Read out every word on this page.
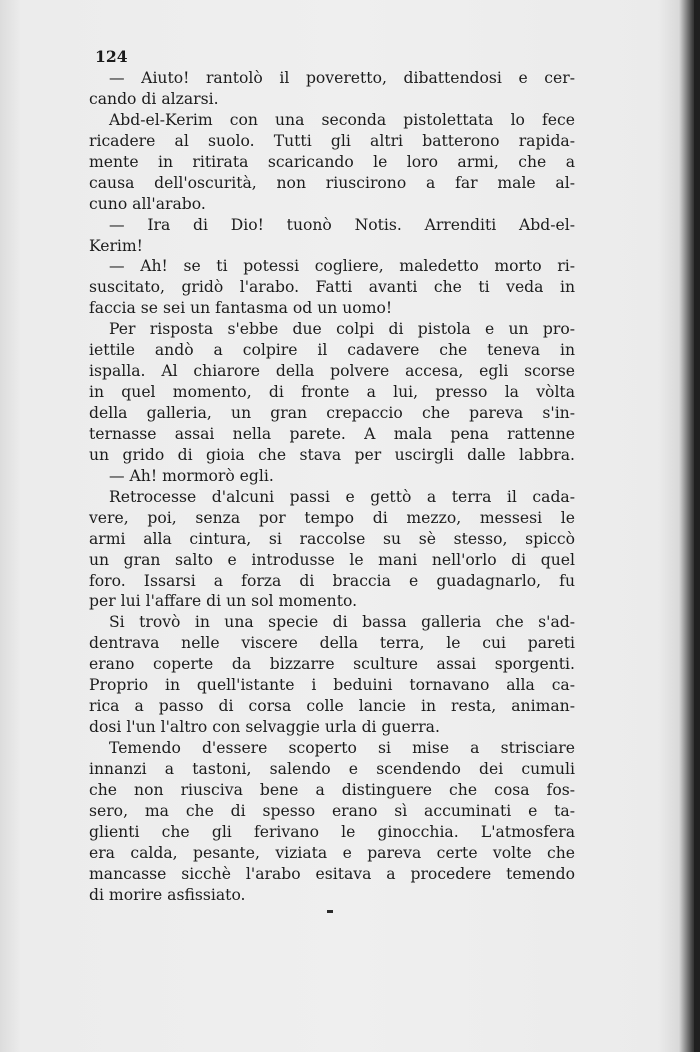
124
— Aiuto! rantolò il poveretto, dibattendosi e cer-
cando di alzarsi.
Abd-el-Kerim con una seconda pistolettata lo fece
ricadere al suolo. Tutti gli altri batterono rapida-
mente in ritirata scaricando le loro armi, che a
causa dell'oscurità, non riuscirono a far male al-
cuno all'arabo.
— Ira di Dio! tuonò Notis. Arrenditi Abd-el-
Kerim!
— Ah! se ti potessi cogliere, maledetto morto ri-
suscitato, gridò l'arabo. Fatti avanti che ti veda in
faccia se sei un fantasma od un uomo!
Per risposta s'ebbe due colpi di pistola e un pro-
iettile andò a colpire il cadavere che teneva in
ispalla. Al chiarore della polvere accesa, egli scorse
in quel momento, di fronte a lui, presso la vòlta
della galleria, un gran crepaccio che pareva s'in-
ternasse assai nella parete. A mala pena rattenne
un grido di gioia che stava per uscirgli dalle labbra.
— Ah! mormorò egli.
Retrocesse d'alcuni passi e gettò a terra il cada-
vere, poi, senza por tempo di mezzo, messesi le
armi alla cintura, si raccolse su sè stesso, spiccò
un gran salto e introdusse le mani nell'orlo di quel
foro. Issarsi a forza di braccia e guadagnarlo, fu
per lui l'affare di un sol momento.
Si trovò in una specie di bassa galleria che s'ad-
dentrava nelle viscere della terra, le cui pareti
erano coperte da bizzarre sculture assai sporgenti.
Proprio in quell'istante i beduini tornavano alla ca-
rica a passo di corsa colle lancie in resta, animan-
dosi l'un l'altro con selvaggie urla di guerra.
Temendo d'essere scoperto si mise a strisciare
innanzi a tastoni, salendo e scendendo dei cumuli
che non riusciva bene a distinguere che cosa fos-
sero, ma che di spesso erano sì accuminati e ta-
glienti che gli ferivano le ginocchia. L'atmosfera
era calda, pesante, viziata e pareva certe volte che
mancasse sicchè l'arabo esitava a procedere temendo
di morire asfissiato.
